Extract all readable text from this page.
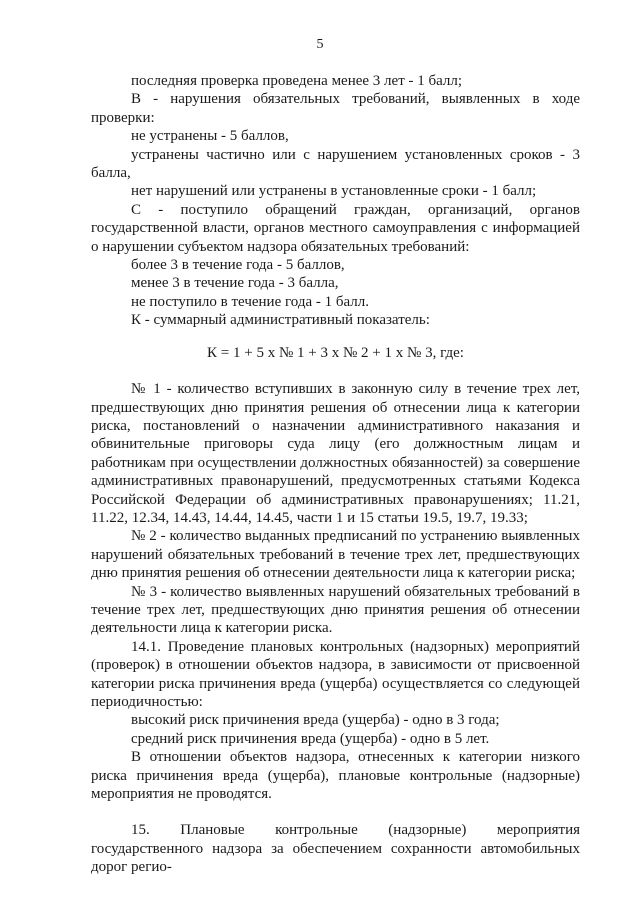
5

последняя проверка проведена менее 3 лет - 1 балл;

В - нарушения обязательных требований, выявленных в ходе проверки:

не устранены - 5 баллов,

устранены частично или с нарушением установленных сроков - 3 балла,

нет нарушений или устранены в установленные сроки - 1 балл;

С - поступило обращений граждан, организаций, органов государственной власти, органов местного самоуправления с информацией о нарушении субъектом надзора обязательных требований:

более 3 в течение года - 5 баллов,

менее 3 в течение года - 3 балла,

не поступило в течение года - 1 балл.

К - суммарный административный показатель:

К = 1 + 5 х № 1 + 3 х № 2 + 1 х № 3, где:

№ 1 - количество вступивших в законную силу в течение трех лет, предшествующих дню принятия решения об отнесении лица к категории риска, постановлений о назначении административного наказания и обвинительные приговоры суда лицу (его должностным лицам и работникам при осуществлении должностных обязанностей) за совершение административных правонарушений, предусмотренных статьями Кодекса Российской Федерации об административных правонарушениях; 11.21, 11.22, 12.34, 14.43, 14.44, 14.45, части 1 и 15 статьи 19.5, 19.7, 19.33;

№ 2 - количество выданных предписаний по устранению выявленных нарушений обязательных требований в течение трех лет, предшествующих дню принятия решения об отнесении деятельности лица к категории риска;

№ 3 - количество выявленных нарушений обязательных требований в течение трех лет, предшествующих дню принятия решения об отнесении деятельности лица к категории риска.

14.1. Проведение плановых контрольных (надзорных) мероприятий (проверок) в отношении объектов надзора, в зависимости от присвоенной категории риска причинения вреда (ущерба) осуществляется со следующей периодичностью:

высокий риск причинения вреда (ущерба) - одно в 3 года;

средний риск причинения вреда (ущерба) - одно в 5 лет.

В отношении объектов надзора, отнесенных к категории низкого риска причинения вреда (ущерба), плановые контрольные (надзорные) мероприятия не проводятся.

15. Плановые контрольные (надзорные) мероприятия государственного надзора за обеспечением сохранности автомобильных дорог регио-
